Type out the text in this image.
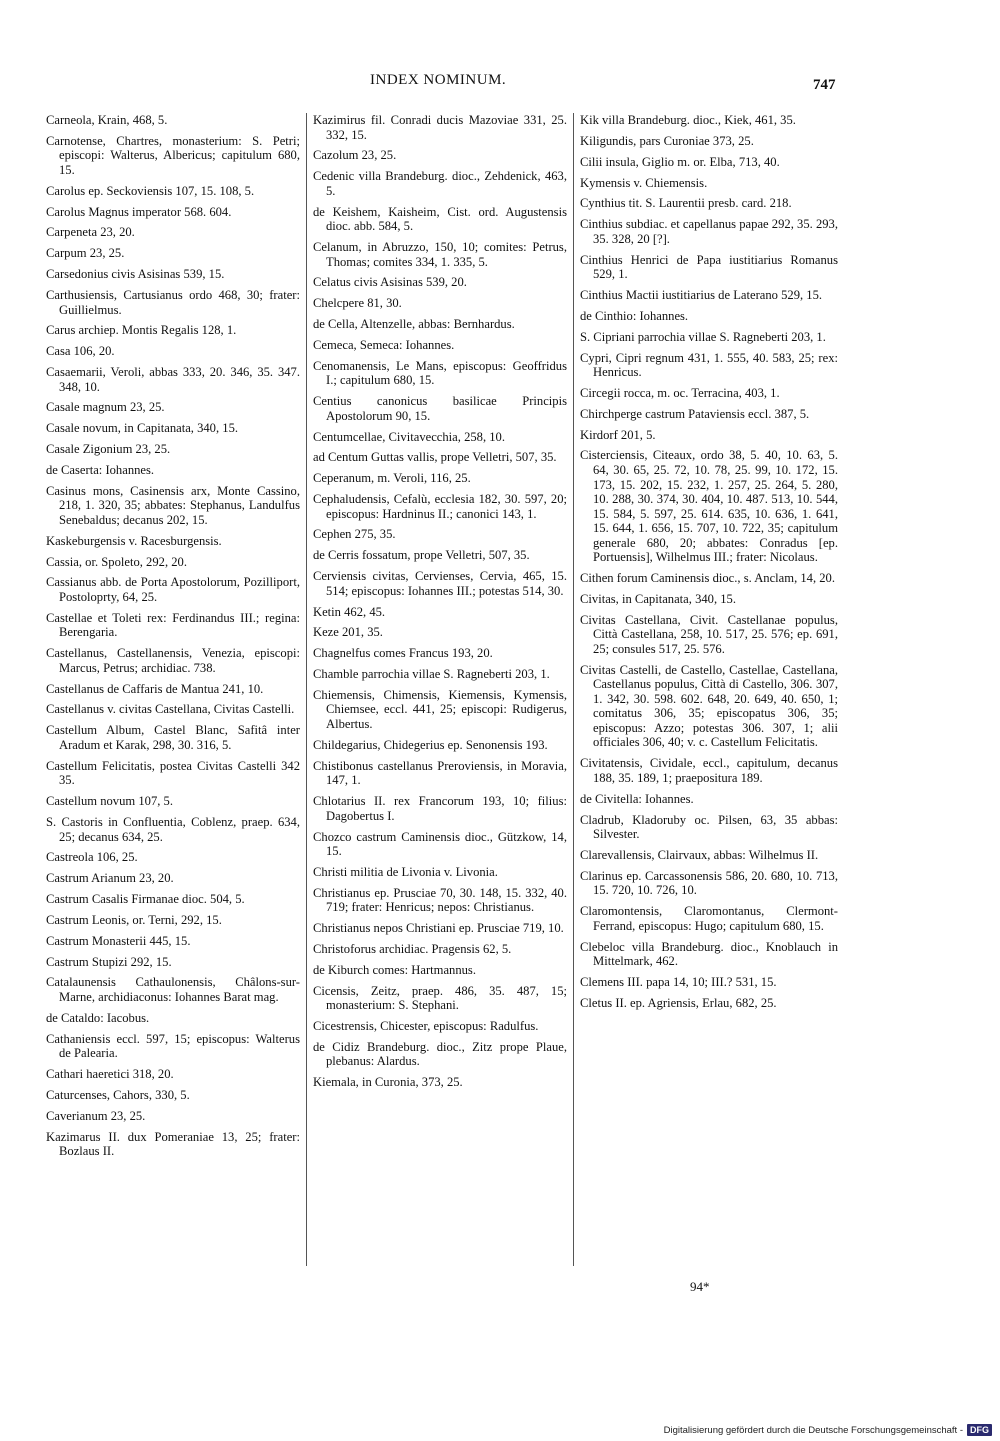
INDEX NOMINUM.	747

Carneola, Krain, 468, 5.

Carnotense, Chartres, monasterium: S. Petri; episcopi: Walterus, Albericus; capitulum 680, 15.

Carolus ep. Seckoviensis 107, 15. 108, 5.

Carolus Magnus imperator 568. 604.

Carpeneta 23, 20.

Carpum 23, 25.

Carsedonius civis Asisinas 539, 15.

Carthusiensis, Cartusianus ordo 468, 30; frater: Guillielmus.

Carus archiep. Montis Regalis 128, 1.

Casa 106, 20.

Casaemarii, Veroli, abbas 333, 20. 346, 35. 347. 348, 10.

Casale magnum 23, 25.

Casale novum, in Capitanata, 340, 15.

Casale Zigonium 23, 25.

de Caserta: Iohannes.

Casinus mons, Casinensis arx, Monte Cassino, 218, 1. 320, 35; abbates: Stephanus, Landulfus Senebaldus; decanus 202, 15.

Kaskeburgensis v. Racesburgensis.

Cassia, or. Spoleto, 292, 20.

Cassianus abb. de Porta Apostolorum, Pozilliport, Postoloprty, 64, 25.

Castellae et Toleti rex: Ferdinandus III.; regina: Berengaria.

Castellanus, Castellanensis, Venezia, episcopi: Marcus, Petrus; archidiac. 738.

Castellanus de Caffaris de Mantua 241, 10.

Castellanus v. civitas Castellana, Civitas Castelli.

Castellum Album, Castel Blanc, Safitâ inter Aradum et Karak, 298, 30. 316, 5.

Castellum Felicitatis, postea Civitas Castelli 342 35.

Castellum novum 107, 5.

S. Castoris in Confluentia, Coblenz, praep. 634, 25; decanus 634, 25.

Castreola 106, 25.

Castrum Arianum 23, 20.

Castrum Casalis Firmanae dioc. 504, 5.

Castrum Leonis, or. Terni, 292, 15.

Castrum Monasterii 445, 15.

Castrum Stupizi 292, 15.

Catalaunensis Cathaulonensis, Châlons-sur-Marne, archidiaconus: Iohannes Barat mag.

de Cataldo: Iacobus.

Cathaniensis eccl. 597, 15; episcopus: Walterus de Palearia.

Cathari haeretici 318, 20.

Caturcenses, Cahors, 330, 5.

Caverianum 23, 25.

Kazimarus II. dux Pomeraniae 13, 25; frater: Bozlaus II.

Kazimirus fil. Conradi ducis Mazoviae 331, 25. 332, 15.

Cazolum 23, 25.

Cedenic villa Brandeburg. dioc., Zehdenick, 463, 5.

de Keishem, Kaisheim, Cist. ord. Augustensis dioc. abb. 584, 5.

Celanum, in Abruzzo, 150, 10; comites: Petrus, Thomas; comites 334, 1. 335, 5.

Celatus civis Asisinas 539, 20.

Chelcpere 81, 30.

de Cella, Altenzelle, abbas: Bernhardus.

Cemeca, Semeca: Iohannes.

Cenomanensis, Le Mans, episcopus: Geoffridus I.; capitulum 680, 15.

Centius canonicus basilicae Principis Apostolorum 90, 15.

Centumcellae, Civitavecchia, 258, 10.

ad Centum Guttas vallis, prope Velletri, 507, 35.

Ceperanum, m. Veroli, 116, 25.

Cephaludensis, Cefalù, ecclesia 182, 30. 597, 20; episcopus: Hardninus II.; canonici 143, 1.

Cephen 275, 35.

de Cerris fossatum, prope Velletri, 507, 35.

Cerviensis civitas, Cervienses, Cervia, 465, 15. 514; episcopus: Iohannes III.; potestas 514, 30.

Ketin 462, 45.

Keze 201, 35.

Chagnelfus comes Francus 193, 20.

Chamble parrochia villae S. Ragneberti 203, 1.

Chiemensis, Chimensis, Kiemensis, Kymensis, Chiemsee, eccl. 441, 25; episcopi: Rudigerus, Albertus.

Childegarius, Chidegerius ep. Senonensis 193.

Chistibonus castellanus Preroviensis, in Moravia, 147, 1.

Chlotarius II. rex Francorum 193, 10; filius: Dagobertus I.

Chozco castrum Caminensis dioc., Gützkow, 14, 15.

Christi militia de Livonia v. Livonia.

Christianus ep. Prusciae 70, 30. 148, 15. 332, 40. 719; frater: Henricus; nepos: Christianus.

Christianus nepos Christiani ep. Prusciae 719, 10.

Christoforus archidiac. Pragensis 62, 5.

de Kiburch comes: Hartmannus.

Cicensis, Zeitz, praep. 486, 35. 487, 15; monasterium: S. Stephani.

Cicestrensis, Chicester, episcopus: Radulfus.

de Cidiz Brandeburg. dioc., Zitz prope Plaue, plebanus: Alardus.

Kiemala, in Curonia, 373, 25.

Kik villa Brandeburg. dioc., Kiek, 461, 35.

Kiligundis, pars Curoniae 373, 25.

Cilii insula, Giglio m. or. Elba, 713, 40.

Kymensis v. Chiemensis.

Cynthius tit. S. Laurentii presb. card. 218.

Cinthius subdiac. et capellanus papae 292, 35. 293, 35. 328, 20 [?].

Cinthius Henrici de Papa iustitiarius Romanus 529, 1.

Cinthius Mactii iustitiarius de Laterano 529, 15.

de Cinthio: Iohannes.

S. Cipriani parrochia villae S. Ragneberti 203, 1.

Cypri, Cipri regnum 431, 1. 555, 40. 583, 25; rex: Henricus.

Circegii rocca, m. oc. Terracina, 403, 1.

Chirchperge castrum Pataviensis eccl. 387, 5.

Kirdorf 201, 5.

Cisterciensis, Citeaux, ordo 38, 5. 40, 10. 63, 5. 64, 30. 65, 25. 72, 10. 78, 25. 99, 10. 172, 15. 173, 15. 202, 15. 232, 1. 257, 25. 264, 5. 280, 10. 288, 30. 374, 30. 404, 10. 487. 513, 10. 544, 15. 584, 5. 597, 25. 614. 635, 10. 636, 1. 641, 15. 644, 1. 656, 15. 707, 10. 722, 35; capitulum generale 680, 20; abbates: Conradus [ep. Portuensis], Wilhelmus III.; frater: Nicolaus.

Cithen forum Caminensis dioc., s. Anclam, 14, 20.

Civitas, in Capitanata, 340, 15.

Civitas Castellana, Civit. Castellanae populus, Città Castellana, 258, 10. 517, 25. 576; ep. 691, 25; consules 517, 25. 576.

Civitas Castelli, de Castello, Castellae, Castellana, Castellanus populus, Città di Castello, 306. 307, 1. 342, 30. 598. 602. 648, 20. 649, 40. 650, 1; comitatus 306, 35; episcopatus 306, 35; episcopus: Azzo; potestas 306. 307, 1; alii officiales 306, 40; v. c. Castellum Felicitatis.

Civitatensis, Cividale, eccl., capitulum, decanus 188, 35. 189, 1; praepositura 189.

de Civitella: Iohannes.

Cladrub, Kladoruby oc. Pilsen, 63, 35 abbas: Silvester.

Clarevallensis, Clairvaux, abbas: Wilhelmus II.

Clarinus ep. Carcassonensis 586, 20. 680, 10. 713, 15. 720, 10. 726, 10.

Claromontensis, Claromontanus, Clermont-Ferrand, episcopus: Hugo; capitulum 680, 15.

Clebeloc villa Brandeburg. dioc., Knoblauch in Mittelmark, 462.

Clemens III. papa 14, 10; III.? 531, 15.

Cletus II. ep. Agriensis, Erlau, 682, 25.

94*
Digitalisierung gefördert durch die Deutsche Forschungsgemeinschaft - DFG
